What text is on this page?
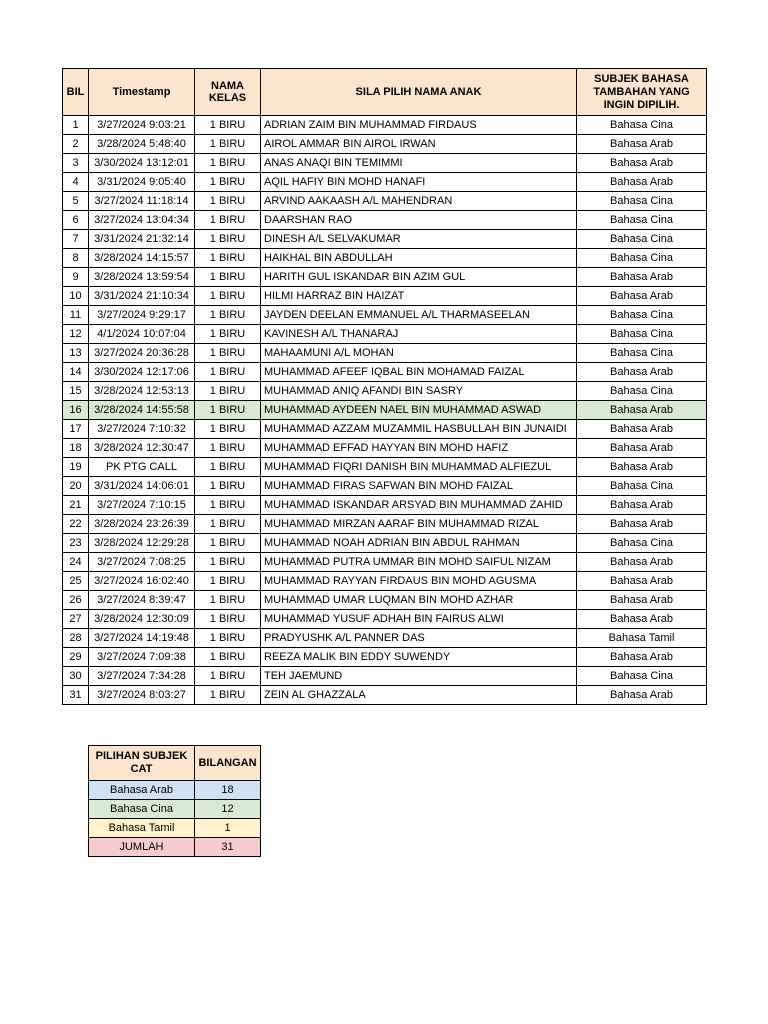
BIL	Timestamp	NAMA KELAS	SILA PILIH NAMA ANAK	SUBJEK BAHASA TAMBAHAN YANG INGIN DIPILIH.
1	3/27/2024 9:03:21	1 BIRU	ADRIAN ZAIM BIN MUHAMMAD FIRDAUS	Bahasa Cina
2	3/28/2024 5:48:40	1 BIRU	AIROL AMMAR BIN AIROL IRWAN	Bahasa Arab
3	3/30/2024 13:12:01	1 BIRU	ANAS ANAQI BIN TEMIMMI	Bahasa Arab
4	3/31/2024 9:05:40	1 BIRU	AQIL HAFIY BIN MOHD HANAFI	Bahasa Arab
5	3/27/2024 11:18:14	1 BIRU	ARVIND AAKAASH A/L MAHENDRAN	Bahasa Cina
6	3/27/2024 13:04:34	1 BIRU	DAARSHAN RAO	Bahasa Cina
7	3/31/2024 21:32:14	1 BIRU	DINESH A/L SELVAKUMAR	Bahasa Cina
8	3/28/2024 14:15:57	1 BIRU	HAIKHAL BIN ABDULLAH	Bahasa Cina
9	3/28/2024 13:59:54	1 BIRU	HARITH GUL ISKANDAR BIN AZIM GUL	Bahasa Arab
10	3/31/2024 21:10:34	1 BIRU	HILMI HARRAZ BIN HAIZAT	Bahasa Arab
11	3/27/2024 9:29:17	1 BIRU	JAYDEN DEELAN EMMANUEL A/L THARMASEELAN	Bahasa Cina
12	4/1/2024 10:07:04	1 BIRU	KAVINESH A/L THANARAJ	Bahasa Cina
13	3/27/2024 20:36:28	1 BIRU	MAHAAMUNI A/L MOHAN	Bahasa Cina
14	3/30/2024 12:17:06	1 BIRU	MUHAMMAD AFEEF IQBAL BIN MOHAMAD FAIZAL	Bahasa Arab
15	3/28/2024 12:53:13	1 BIRU	MUHAMMAD ANIQ AFANDI BIN SASRY	Bahasa Cina
16	3/28/2024 14:55:58	1 BIRU	MUHAMMAD AYDEEN NAEL BIN MUHAMMAD ASWAD	Bahasa Arab
17	3/27/2024 7:10:32	1 BIRU	MUHAMMAD AZZAM MUZAMMIL HASBULLAH BIN JUNAIDI	Bahasa Arab
18	3/28/2024 12:30:47	1 BIRU	MUHAMMAD EFFAD HAYYAN BIN MOHD HAFIZ	Bahasa Arab
19	PK PTG CALL	1 BIRU	MUHAMMAD FIQRI DANISH BIN MUHAMMAD ALFIEZUL	Bahasa Arab
20	3/31/2024 14:06:01	1 BIRU	MUHAMMAD FIRAS SAFWAN BIN MOHD FAIZAL	Bahasa Cina
21	3/27/2024 7:10:15	1 BIRU	MUHAMMAD ISKANDAR ARSYAD BIN MUHAMMAD ZAHID	Bahasa Arab
22	3/28/2024 23:26:39	1 BIRU	MUHAMMAD MIRZAN AARAF BIN MUHAMMAD RIZAL	Bahasa Arab
23	3/28/2024 12:29:28	1 BIRU	MUHAMMAD NOAH ADRIAN BIN ABDUL RAHMAN	Bahasa Cina
24	3/27/2024 7:08:25	1 BIRU	MUHAMMAD PUTRA UMMAR BIN MOHD SAIFUL NIZAM	Bahasa Arab
25	3/27/2024 16:02:40	1 BIRU	MUHAMMAD RAYYAN FIRDAUS BIN MOHD AGUSMA	Bahasa Arab
26	3/27/2024 8:39:47	1 BIRU	MUHAMMAD UMAR LUQMAN BIN MOHD AZHAR	Bahasa Arab
27	3/28/2024 12:30:09	1 BIRU	MUHAMMAD YUSUF ADHAH BIN FAIRUS ALWI	Bahasa Arab
28	3/27/2024 14:19:48	1 BIRU	PRADYUSHK A/L PANNER DAS	Bahasa Tamil
29	3/27/2024 7:09:38	1 BIRU	REEZA MALIK BIN EDDY SUWENDY	Bahasa Arab
30	3/27/2024 7:34:28	1 BIRU	TEH JAEMUND	Bahasa Cina
31	3/27/2024 8:03:27	1 BIRU	ZEIN AL GHAZZALA	Bahasa Arab
PILIHAN SUBJEK CAT	BILANGAN
Bahasa Arab	18
Bahasa Cina	12
Bahasa Tamil	1
JUMLAH	31
